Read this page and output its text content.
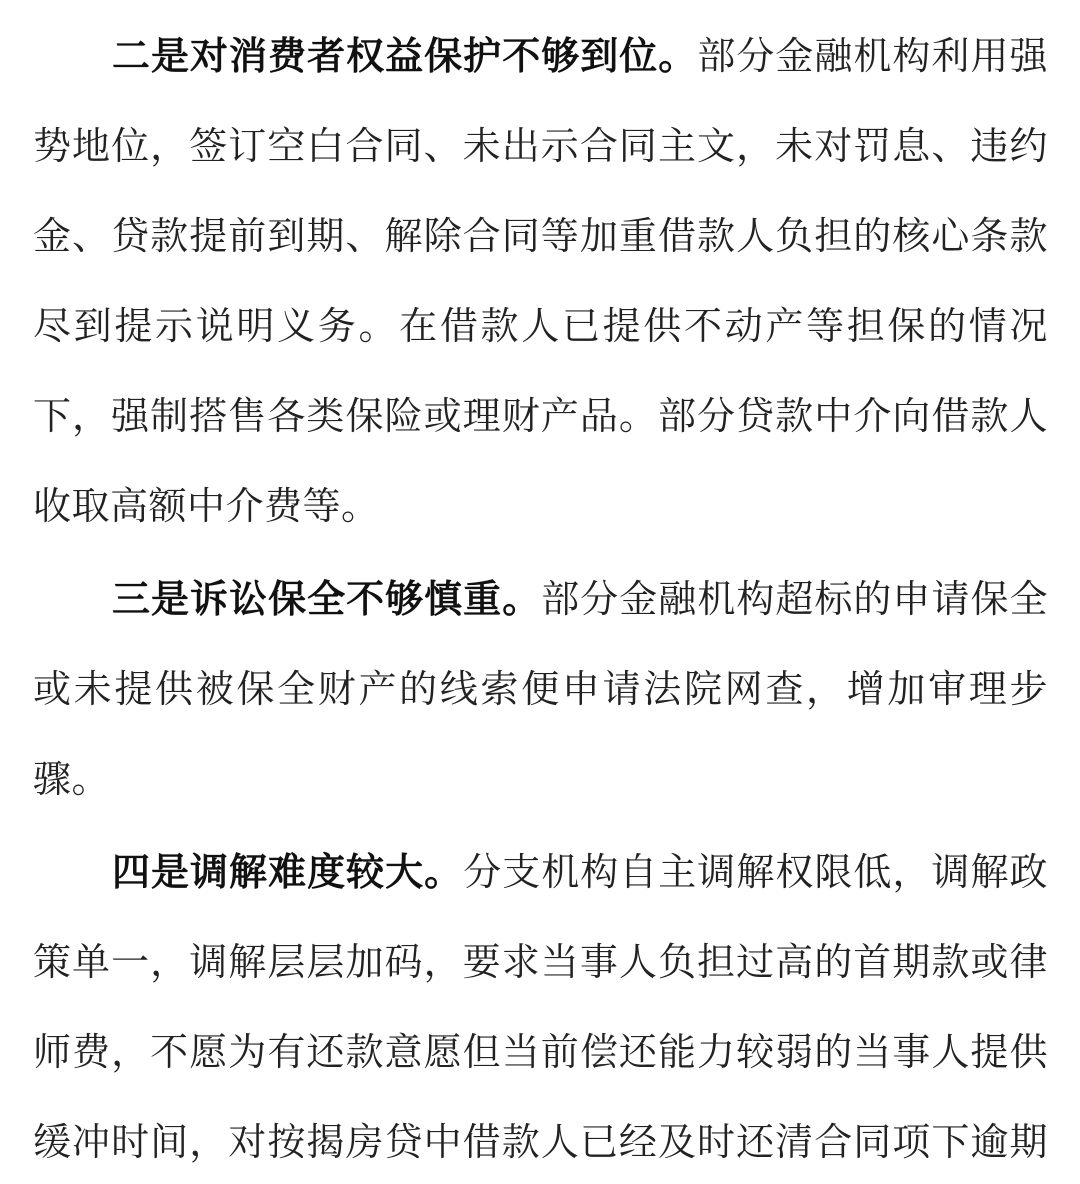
二是对消费者权益保护不够到位。部分金融机构利用强
势地位，签订空白合同、未出示合同主文，未对罚息、违约
金、贷款提前到期、解除合同等加重借款人负担的核心条款
尽到提示说明义务。在借款人已提供不动产等担保的情况
下，强制搭售各类保险或理财产品。部分贷款中介向借款人
收取高额中介费等。
三是诉讼保全不够慎重。部分金融机构超标的申请保全
或未提供被保全财产的线索便申请法院网查，增加审理步
骤。
四是调解难度较大。分支机构自主调解权限低，调解政
策单一，调解层层加码，要求当事人负担过高的首期款或律
师费，不愿为有还款意愿但当前偿还能力较弱的当事人提供
缓冲时间，对按揭房贷中借款人已经及时还清合同项下逾期
